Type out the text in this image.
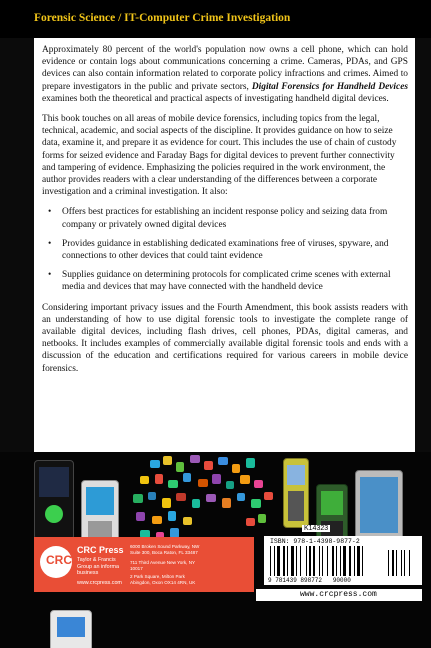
Forensic Science / IT-Computer Crime Investigation

Approximately 80 percent of the world's population now owns a cell phone, which can hold evidence or contain logs about communications concerning a crime. Cameras, PDAs, and GPS devices can also contain information related to corporate policy infractions and crimes. Aimed to prepare investigators in the public and private sectors, Digital Forensics for Handheld Devices examines both the theoretical and practical aspects of investigating handheld digital devices.

This book touches on all areas of mobile device forensics, including topics from the legal, technical, academic, and social aspects of the discipline. It provides guidance on how to seize data, examine it, and prepare it as evidence for court. This includes the use of chain of custody forms for seized evidence and Faraday Bags for digital devices to prevent further connectivity and tampering of evidence. Emphasizing the policies required in the work environment, the author provides readers with a clear understanding of the differences between a corporate investigation and a criminal investigation. It also:

• Offers best practices for establishing an incident response policy and seizing data from company or privately owned digital devices
• Provides guidance in establishing dedicated examinations free of viruses, spyware, and connections to other devices that could taint evidence
• Supplies guidance on determining protocols for complicated crime scenes with external media and devices that may have connected with the handheld device

Considering important privacy issues and the Fourth Amendment, this book assists readers with an understanding of how to use digital forensic tools to investigate the complete range of available digital devices, including flash drives, cell phones, PDAs, digital cameras, and netbooks. It includes examples of commercially available digital forensic tools and ends with a discussion of the education and certifications required for various careers in mobile device forensics.

CRC
CRC Press
Taylor & Francis Group an informa business
www.crcpress.com
6000 Broken Sound Parkway, NW Suite 300, Boca Raton, FL 33487
711 Third Avenue New York, NY 10017
2 Park Square, Milton Park Abingdon, Oxon OX14 4RN, UK
K14323
ISBN: 978-1-4398-9877-2
9 781439 898772 90000
www.crcpress.com
